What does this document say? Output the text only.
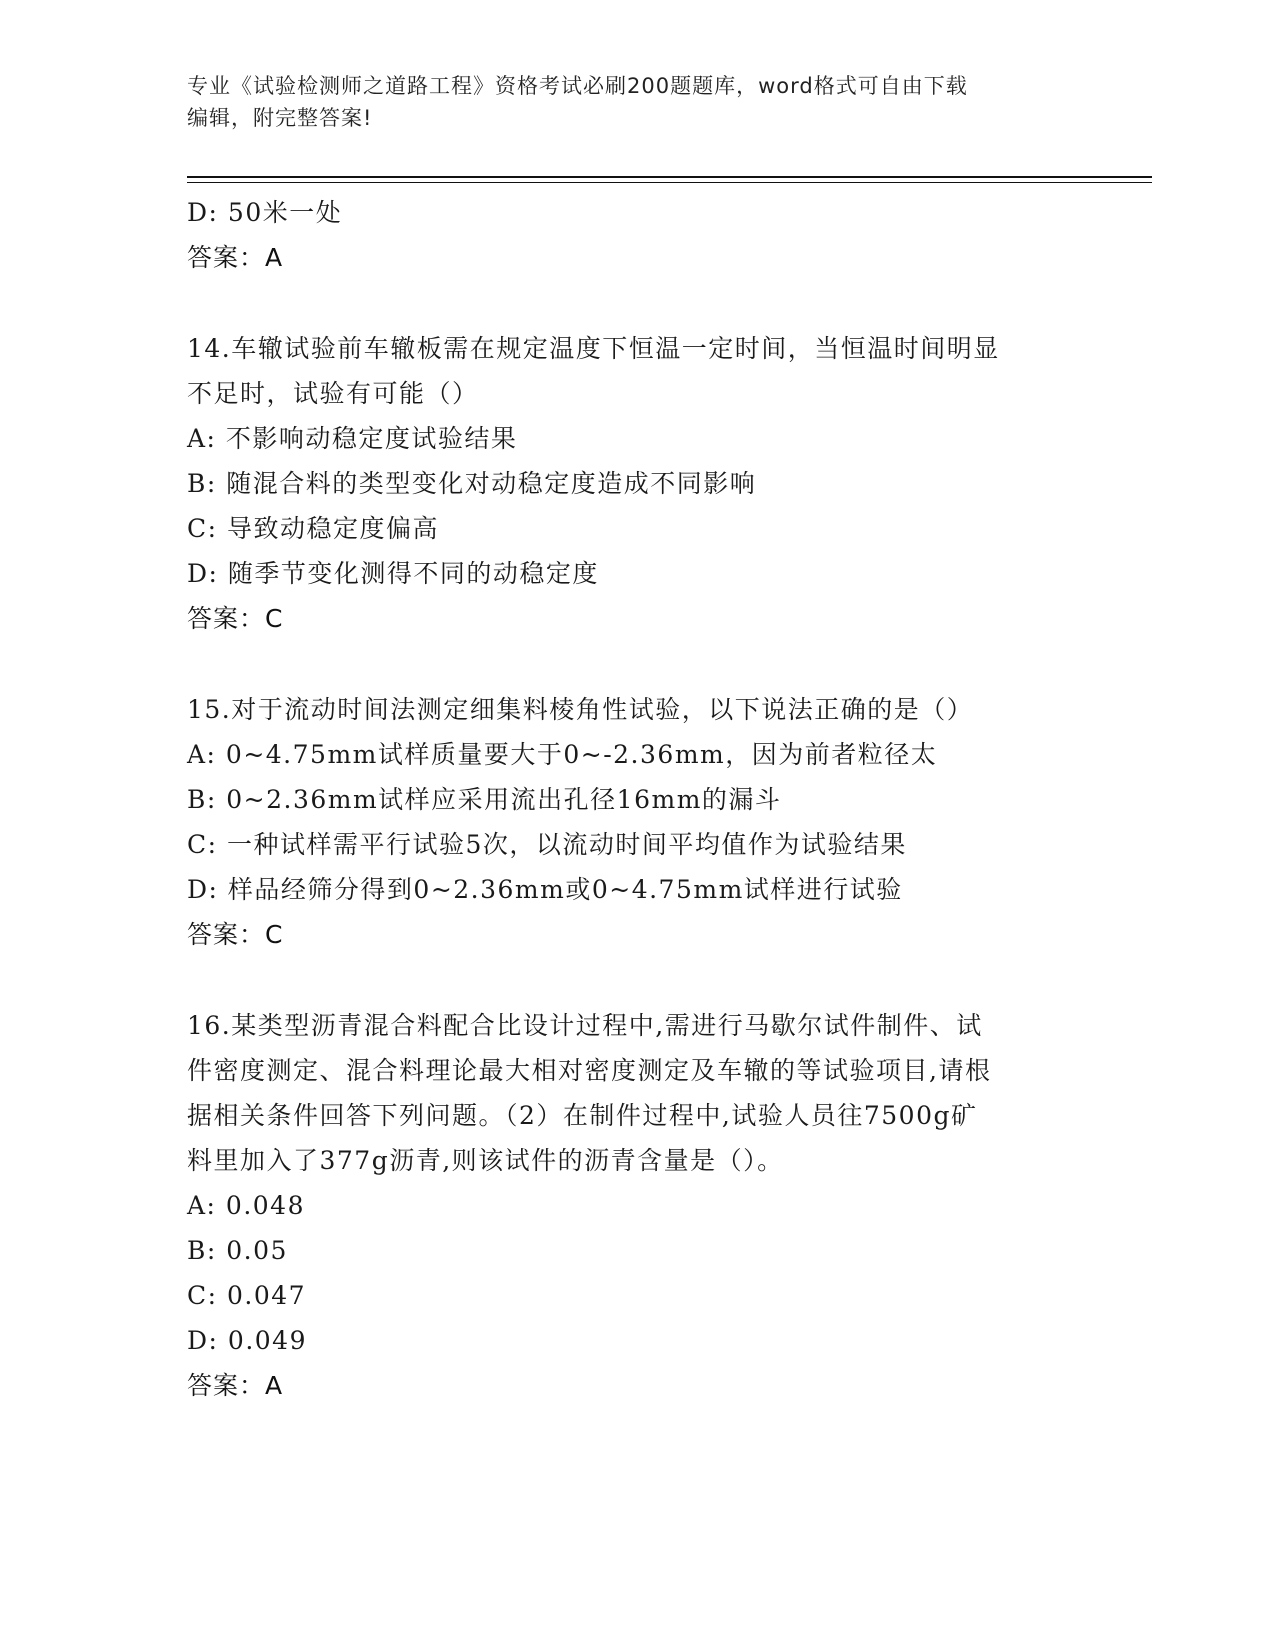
专业《试验检测师之道路工程》资格考试必刷200题题库，word格式可自由下载
编辑，附完整答案!
D: 50米一处
答案：A
14.车辙试验前车辙板需在规定温度下恒温一定时间，当恒温时间明显
不足时，试验有可能（）
A: 不影响动稳定度试验结果
B: 随混合料的类型变化对动稳定度造成不同影响
C: 导致动稳定度偏高
D: 随季节变化测得不同的动稳定度
答案：C
15.对于流动时间法测定细集料棱角性试验，以下说法正确的是（）
A: 0~4.75mm试样质量要大于0~-2.36mm，因为前者粒径太
B: 0~2.36mm试样应采用流出孔径16mm的漏斗
C: 一种试样需平行试验5次，以流动时间平均值作为试验结果
D: 样品经筛分得到0~2.36mm或0~4.75mm试样进行试验
答案：C
16.某类型沥青混合料配合比设计过程中,需进行马歇尔试件制件、试
件密度测定、混合料理论最大相对密度测定及车辙的等试验项目,请根
据相关条件回答下列问题。（2）在制件过程中,试验人员往7500g矿
料里加入了377g沥青,则该试件的沥青含量是（）。
A: 0.048
B: 0.05
C: 0.047
D: 0.049
答案：A
